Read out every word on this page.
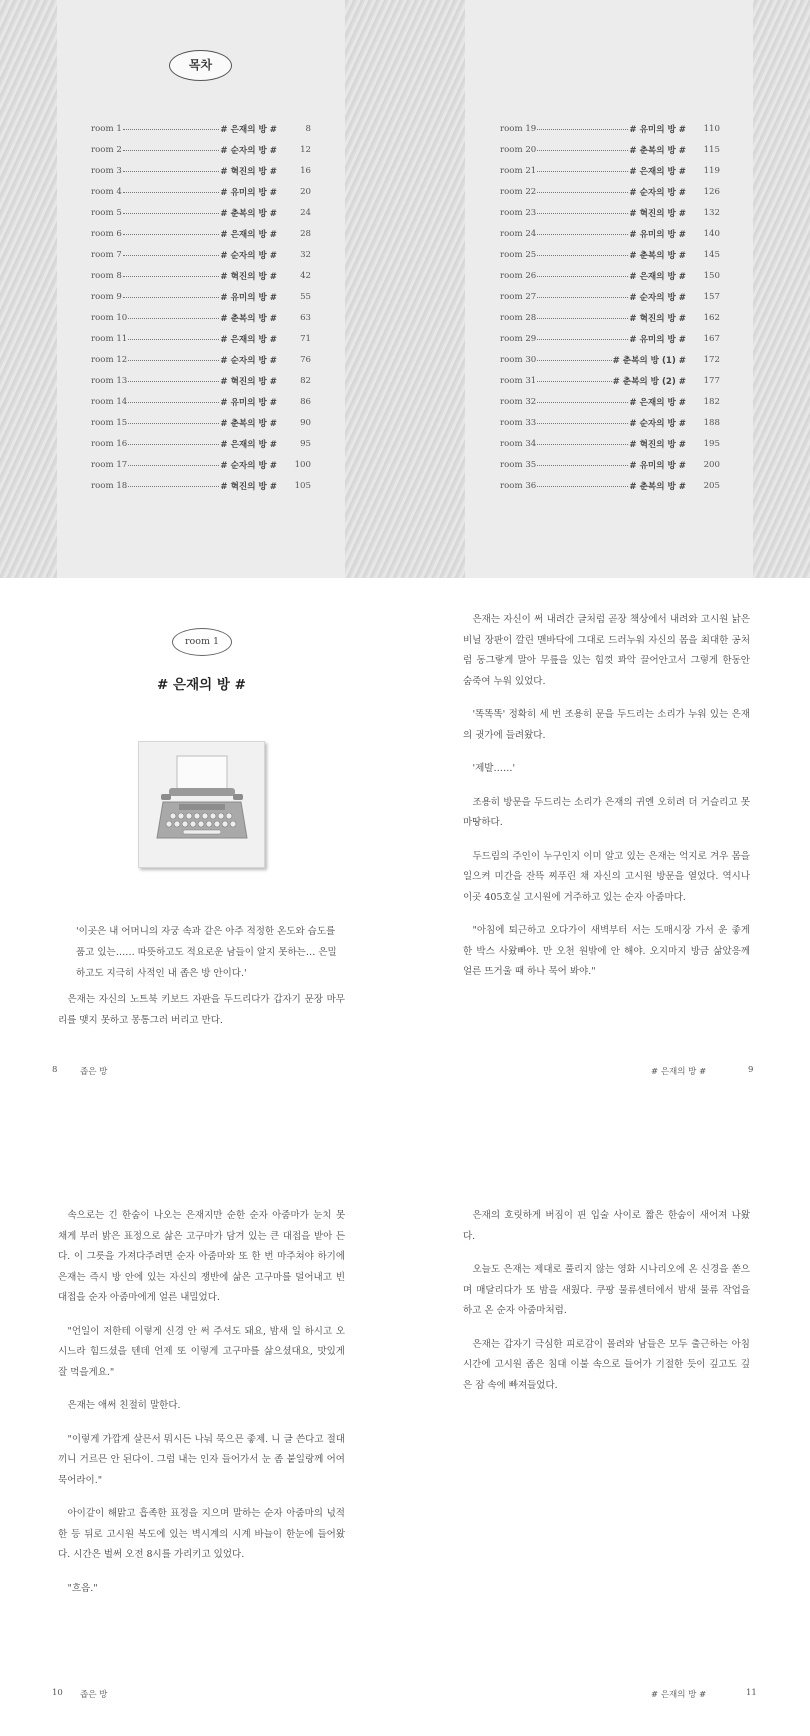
목차
room 1	# 은재의 방 #	8
room 2	# 순자의 방 #	12
room 3	# 혁진의 방 #	16
room 4	# 유미의 방 #	20
room 5	# 춘복의 방 #	24
room 6	# 은재의 방 #	28
room 7	# 순자의 방 #	32
room 8	# 혁진의 방 #	42
room 9	# 유미의 방 #	55
room 10	# 춘복의 방 #	63
room 11	# 은재의 방 #	71
room 12	# 순자의 방 #	76
room 13	# 혁진의 방 #	82
room 14	# 유미의 방 #	86
room 15	# 춘복의 방 #	90
room 16	# 은재의 방 #	95
room 17	# 순자의 방 #	100
room 18	# 혁진의 방 #	105
room 19	# 유미의 방 #	110
room 20	# 춘복의 방 #	115
room 21	# 은재의 방 #	119
room 22	# 순자의 방 #	126
room 23	# 혁진의 방 #	132
room 24	# 유미의 방 #	140
room 25	# 춘복의 방 #	145
room 26	# 은재의 방 #	150
room 27	# 순자의 방 #	157
room 28	# 혁진의 방 #	162
room 29	# 유미의 방 #	167
room 30	# 춘복의 방 (1) #	172
room 31	# 춘복의 방 (2) #	177
room 32	# 은재의 방 #	182
room 33	# 순자의 방 #	188
room 34	# 혁진의 방 #	195
room 35	# 유미의 방 #	200
room 36	# 춘복의 방 #	205
room 1
# 은재의 방 #
'이곳은 내 어머니의 자궁 속과 같은 아주 적정한 온도와 습도를 품고 있는…… 따뜻하고도 적요로운 남들이 알지 못하는… 은밀하고도 지극히 사적인 내 좁은 방 안이다.'

은재는 자신의 노트북 키보드 자판을 두드리다가 갑자기 문장 마무리를 맺지 못하고 몽통그러 버리고 만다.

8	좁은 방

은재는 자신이 써 내려간 글처럼 곧장 책상에서 내려와 고시원 낡은 비닐 장판이 깔린 맨바닥에 그대로 드러누워 자신의 몸을 최대한 공처럼 동그랗게 말아 무릎을 있는 힘껏 꽈악 끌어안고서 그렇게 한동안 숨죽여 누워 있었다.

'똑똑똑' 정확히 세 번 조용히 문을 두드리는 소리가 누워 있는 은재의 귓가에 들려왔다.

'제발……'

조용히 방문을 두드리는 소리가 은재의 귀엔 오히려 더 거슬리고 못마땅하다.

두드림의 주인이 누구인지 이미 알고 있는 은재는 억지로 겨우 몸을 일으켜 미간을 잔뜩 찌푸린 채 자신의 고시원 방문을 열었다. 역시나 이곳 405호실 고시원에 거주하고 있는 순자 아줌마다.

"아침에 퇴근하고 오다가이 새벽부터 서는 도매시장 가서 운 좋게 한 박스 사왔빠야. 만 오천 원밖에 안 해야. 오지마지 방금 삶았응께 얼른 뜨거울 때 하나 묵어 봐야."

# 은재의 방 #	9

속으로는 긴 한숨이 나오는 은재지만 순한 순자 아줌마가 눈치 못 채게 부러 밝은 표정으로 삶은 고구마가 담겨 있는 큰 대접을 받아 든다. 이 그릇을 가져다주려면 순자 아줌마와 또 한 번 마주쳐야 하기에 은재는 즉시 방 안에 있는 자신의 쟁반에 삶은 고구마를 덜어내고 빈 대접을 순자 아줌마에게 얼른 내밀었다.

"언일이 저한테 이렇게 신경 안 써 주셔도 돼요, 밤새 일 하시고 오시느라 힘드셨을 텐데 언제 또 이렇게 고구마를 삶으셨대요, 맛있게 잘 먹을게요."

은재는 애써 친절히 말한다.

"이렇게 가깝게 살믄서 뭐시든 나눠 묵으믄 좋제. 니 글 쓴다고 절대 끼니 거르믄 안 된다이. 그럼 내는 인자 들어가서 눈 좀 붙일랑께 어여 묵어라이."

아이같이 해맑고 흡족한 표정을 지으며 말하는 순자 아줌마의 넋적한 등 뒤로 고시원 복도에 있는 벽시계의 시계 바늘이 한눈에 들어왔다. 시간은 벌써 오전 8시를 가리키고 있었다.

"흐음."

10 좁은 방

은재의 호릿하게 버짐이 핀 입술 사이로 짧은 한숨이 새어져 나왔다.

오늘도 은재는 제대로 풀리지 않는 영화 시나리오에 온 신경을 쏟으며 매달리다가 또 밤을 새웠다. 쿠팡 물류센터에서 밤새 물류 작업을 하고 온 순자 아줌마처럼.

은재는 갑자기 극심한 피로감이 몰려와 남들은 모두 출근하는 아침 시간에 고시원 좁은 침대 이불 속으로 들어가 기절한 듯이 깊고도 깊은 잠 속에 빠져들었다.

# 은재의 방 #	11
